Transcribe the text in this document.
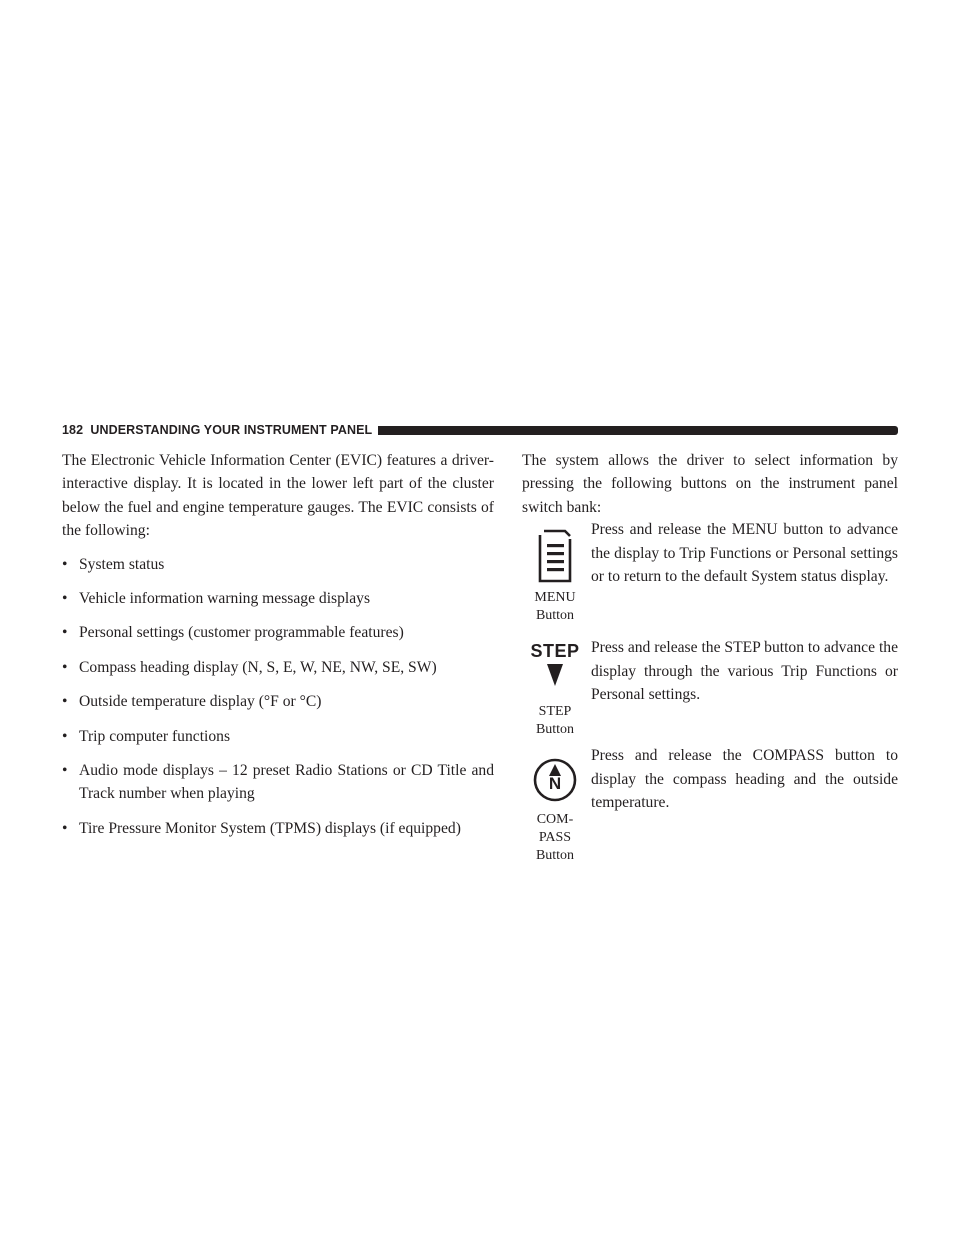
182 UNDERSTANDING YOUR INSTRUMENT PANEL

The Electronic Vehicle Information Center (EVIC) features a driver-interactive display. It is located in the lower left part of the cluster below the fuel and engine temperature gauges. The EVIC consists of the following:

• System status
• Vehicle information warning message displays
• Personal settings (customer programmable features)
• Compass heading display (N, S, E, W, NE, NW, SE, SW)
• Outside temperature display (°F or °C)
• Trip computer functions
• Audio mode displays – 12 preset Radio Stations or CD Title and Track number when playing
• Tire Pressure Monitor System (TPMS) displays (if equipped)

The system allows the driver to select information by pressing the following buttons on the instrument panel switch bank:

MENU
Button

Press and release the MENU button to advance the display to Trip Functions or Personal settings or to return to the default System status display.

STEP
STEP
Button

Press and release the STEP button to advance the display through the various Trip Functions or Personal settings.

N
COM-
PASS
Button

Press and release the COMPASS button to display the compass heading and the outside temperature.
